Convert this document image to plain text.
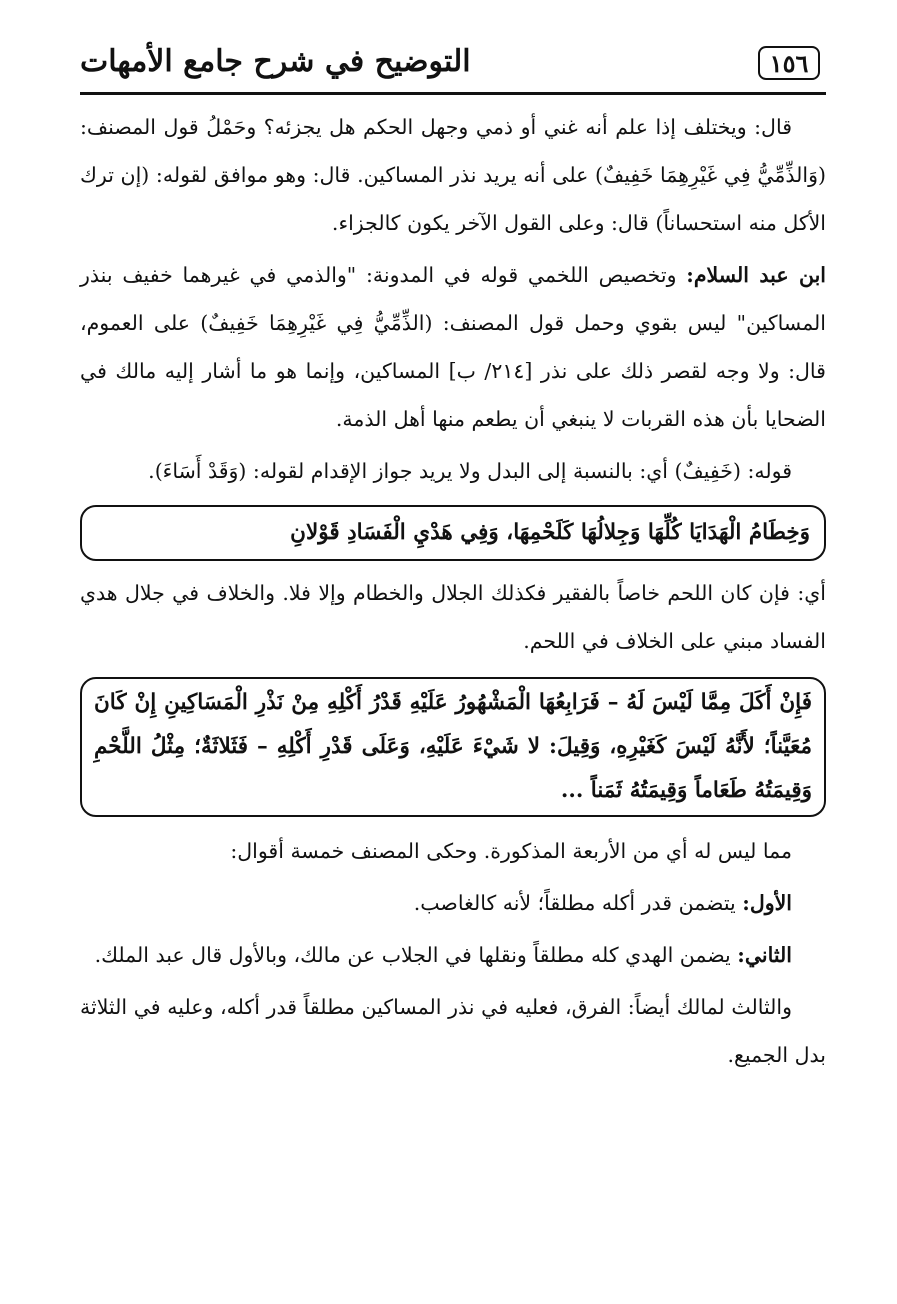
١٥٦
التوضيح في شرح جامع الأمهات

قال: ويختلف إذا علم أنه غني أو ذمي وجهل الحكم هل يجزئه؟ وحَمْلُ قول المصنف: (وَالذِّمِّيُّ فِي غَيْرِهِمَا خَفِيفٌ) على أنه يريد نذر المساكين. قال: وهو موافق لقوله: (إن ترك الأكل منه استحساناً) قال: وعلى القول الآخر يكون كالجزاء.

ابن عبد السلام: وتخصيص اللخمي قوله في المدونة: "والذمي في غيرهما خفيف بنذر المساكين" ليس بقوي وحمل قول المصنف: (الذِّمِّيُّ فِي غَيْرِهِمَا خَفِيفٌ) على العموم، قال: ولا وجه لقصر ذلك على نذر [٢١٤/ ب] المساكين، وإنما هو ما أشار إليه مالك في الضحايا بأن هذه القربات لا ينبغي أن يطعم منها أهل الذمة.

قوله: (خَفِيفٌ) أي: بالنسبة إلى البدل ولا يريد جواز الإقدام لقوله: (وَقَدْ أَسَاءَ).

وَخِطَامُ الْهَدَايَا كُلِّهَا وَجِلالُهَا كَلَحْمِهَا، وَفِي هَدْيِ الْفَسَادِ قَوْلانِ

أي: فإن كان اللحم خاصاً بالفقير فكذلك الجلال والخطام وإلا فلا. والخلاف في جلال هدي الفساد مبني على الخلاف في اللحم.

فَإِنْ أَكَلَ مِمَّا لَيْسَ لَهُ – فَرَابِعُهَا الْمَشْهُورُ عَلَيْهِ قَدْرُ أَكْلِهِ مِنْ نَذْرِ الْمَسَاكِينِ إِنْ كَانَ مُعَيَّناً؛ لأَنَّهُ لَيْسَ كَغَيْرِهِ، وَقِيلَ: لا شَيْءَ عَلَيْهِ، وَعَلَى قَدْرِ أَكْلِهِ – فَثَلاثَةٌ؛ مِثْلُ اللَّحْمِ وَقِيمَتُهُ طَعَاماً وَقِيمَتُهُ ثَمَناً ...

مما ليس له أي من الأربعة المذكورة. وحكى المصنف خمسة أقوال:

الأول: يتضمن قدر أكله مطلقاً؛ لأنه كالغاصب.

الثاني: يضمن الهدي كله مطلقاً ونقلها في الجلاب عن مالك، وبالأول قال عبد الملك.

والثالث لمالك أيضاً: الفرق، فعليه في نذر المساكين مطلقاً قدر أكله، وعليه في الثلاثة بدل الجميع.
